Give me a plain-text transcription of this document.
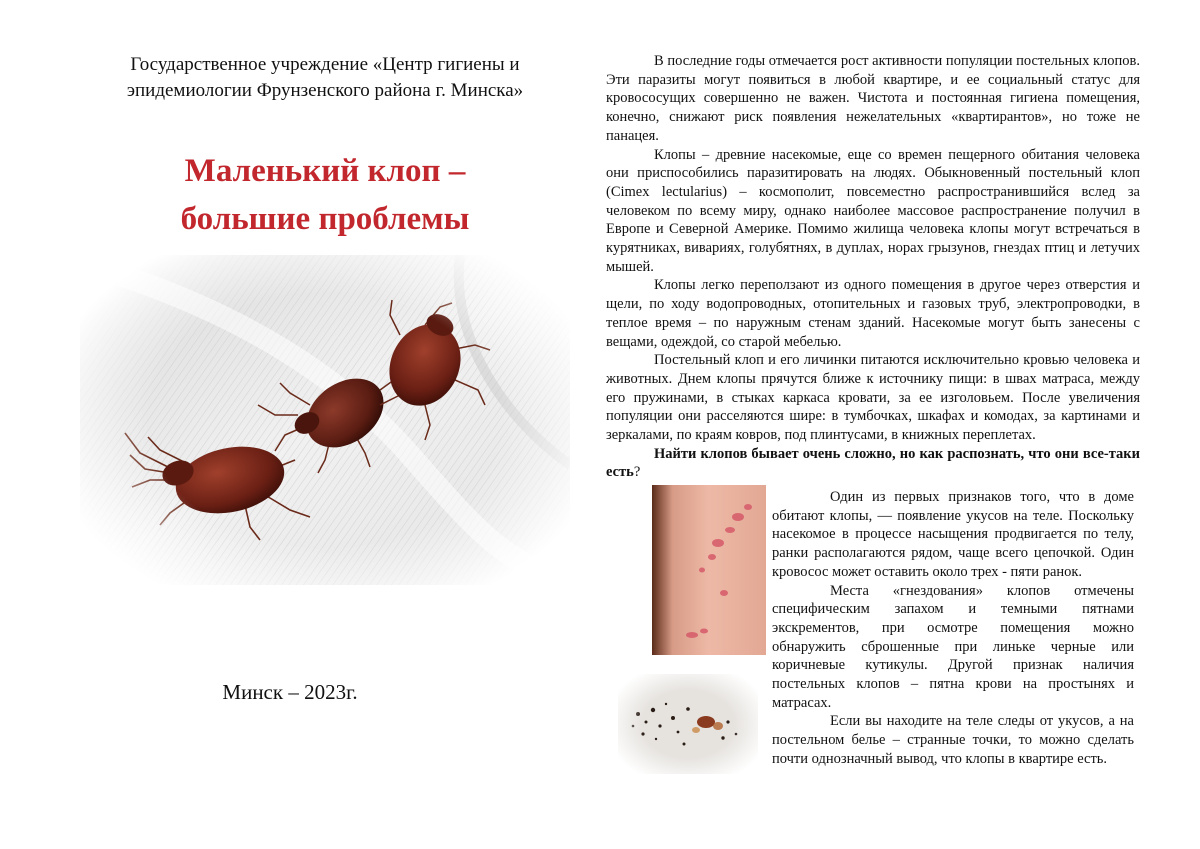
Государственное учреждение «Центр гигиены и
эпидемиологии Фрунзенского района г. Минска»
Маленький клоп –
большие проблемы
Минск – 2023г.

В последние годы отмечается рост активности популяции постельных клопов. Эти паразиты могут появиться в любой квартире, и ее социальный статус для кровососущих совершенно не важен. Чистота и постоянная гигиена помещения, конечно, снижают риск появления нежелательных «квартирантов», но тоже не панацея.

Клопы – древние насекомые, еще со времен пещерного обитания человека они приспособились паразитировать на людях. Обыкновенный постельный клоп (Cimex lectularius) – космополит, повсеместно распространившийся вслед за человеком по всему миру, однако наиболее массовое распространение получил в Европе и Северной Америке. Помимо жилища человека клопы могут встречаться в курятниках, вивариях, голубятнях, в дуплах, норах грызунов, гнездах птиц и летучих мышей.

Клопы легко переползают из одного помещения в другое через отверстия и щели, по ходу водопроводных, отопительных и газовых труб, электропроводки, в теплое время – по наружным стенам зданий. Насекомые могут быть занесены с вещами, одеждой, со старой мебелью.

Постельный клоп и его личинки питаются исключительно кровью человека и животных. Днем клопы прячутся ближе к источнику пищи: в швах матраса, между его пружинами, в стыках каркаса кровати, за ее изголовьем. После увеличения популяции они расселяются шире: в тумбочках, шкафах и комодах, за картинами и зеркалами, по краям ковров, под плинтусами, в книжных переплетах.

Найти клопов бывает очень сложно, но как распознать, что они все-таки есть?

Один из первых признаков того, что в доме обитают клопы, — появление укусов на теле. Поскольку насекомое в процессе насыщения продвигается по телу, ранки располагаются рядом, чаще всего цепочкой. Один кровосос может оставить около трех - пяти ранок.

Места «гнездования» клопов отмечены специфическим запахом и темными пятнами экскрементов, при осмотре помещения можно обнаружить сброшенные при линьке черные или коричневые кутикулы. Другой признак наличия постельных клопов – пятна крови на простынях и матрасах.

Если вы находите на теле следы от укусов, а на постельном белье – странные точки, то можно сделать почти однозначный вывод, что клопы в квартире есть.
